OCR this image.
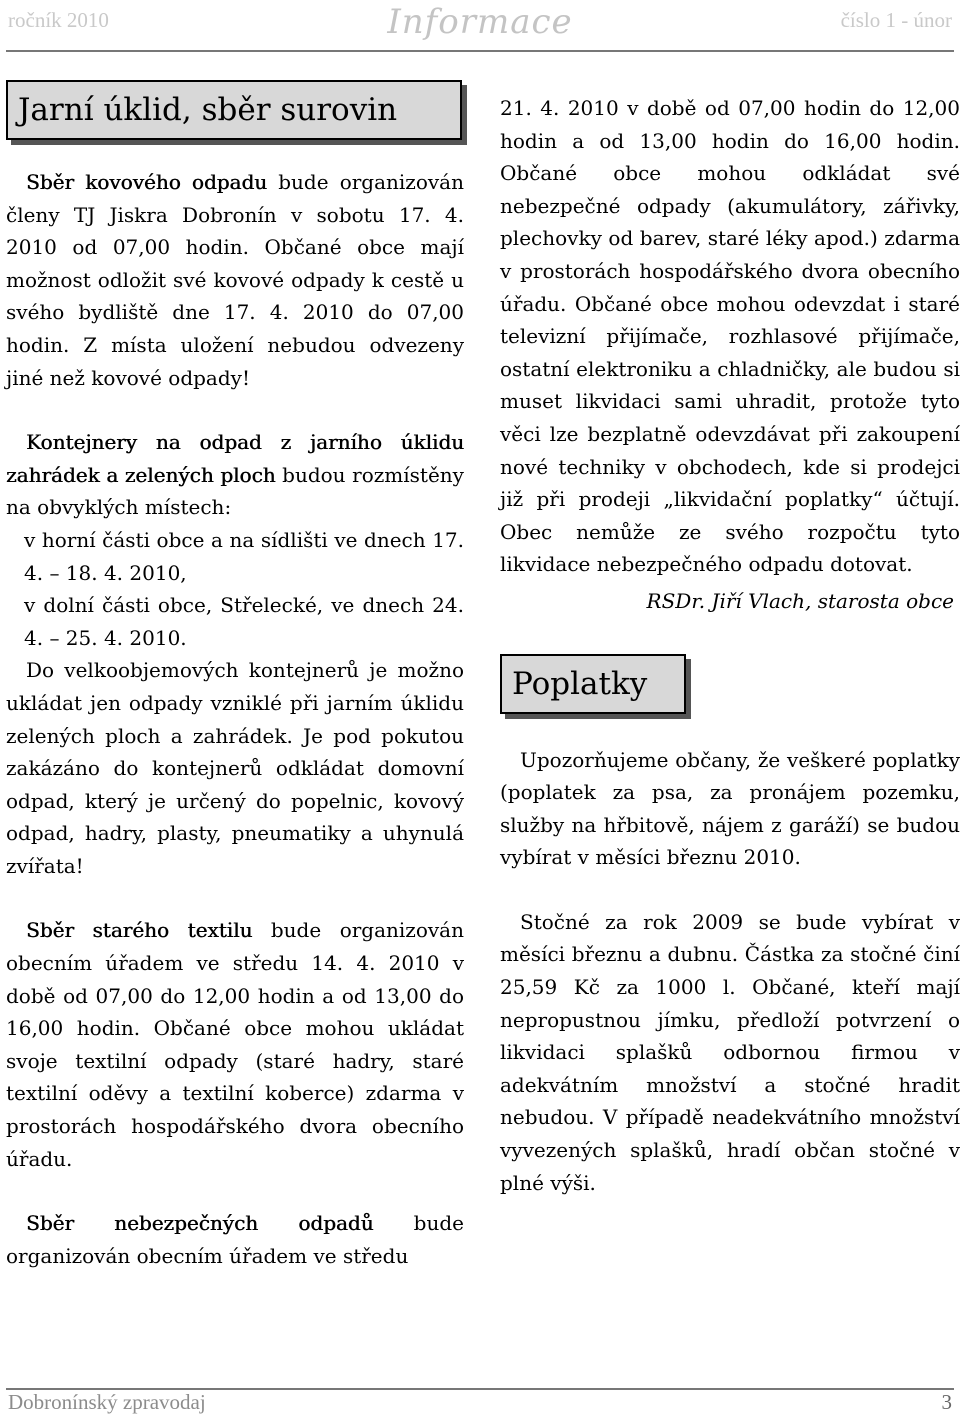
ročník 2010	Informace	číslo 1 - únor
Jarní úklid, sběr surovin

Sběr kovového odpadu bude organizován členy TJ Jiskra Dobronín v sobotu 17. 4. 2010 od 07,00 hodin. Občané obce mají možnost odložit své kovové odpady k cestě u svého bydliště dne 17. 4. 2010 do 07,00 hodin. Z místa uložení nebudou odvezeny jiné než kovové odpady!

Kontejnery na odpad z jarního úklidu zahrádek a zelených ploch budou rozmístěny na obvyklých místech:

v horní části obce a na sídlišti ve dnech 17. 4. – 18. 4. 2010,

v dolní části obce, Střelecké, ve dnech 24. 4. – 25. 4. 2010.

Do velkoobjemových kontejnerů je možno ukládat jen odpady vzniklé při jarním úklidu zelených ploch a zahrádek. Je pod pokutou zakázáno do kontejnerů odkládat domovní odpad, který je určený do popelnic, kovový odpad, hadry, plasty, pneumatiky a uhynulá zvířata!

Sběr starého textilu bude organizován obecním úřadem ve středu 14. 4. 2010 v době od 07,00 do 12,00 hodin a od 13,00 do 16,00 hodin. Občané obce mohou ukládat svoje textilní odpady (staré hadry, staré textilní oděvy a textilní koberce) zdarma v prostorách hospodářského dvora obecního úřadu.

Sběr nebezpečných odpadů bude organizován obecním úřadem ve středu

21. 4. 2010 v době od 07,00 hodin do 12,00 hodin a od 13,00 hodin do 16,00 hodin. Občané obce mohou odkládat své nebezpečné odpady (akumulátory, zářivky, plechovky od barev, staré léky apod.) zdarma v prostorách hospodářského dvora obecního úřadu. Občané obce mohou odevzdat i staré televizní přijímače, rozhlasové přijímače, ostatní elektroniku a chladničky, ale budou si muset likvidaci sami uhradit, protože tyto věci lze bezplatně odevzdávat při zakoupení nové techniky v obchodech, kde si prodejci již při prodeji „likvidační poplatky“ účtují. Obec nemůže ze svého rozpočtu tyto likvidace nebezpečného odpadu dotovat.

RSDr. Jiří Vlach, starosta obce

Poplatky

Upozorňujeme občany, že veškeré poplatky (poplatek za psa, za pronájem pozemku, služby na hřbitově, nájem z garáží) se budou vybírat v měsíci březnu 2010.

Stočné za rok 2009 se bude vybírat v měsíci březnu a dubnu. Částka za stočné činí 25,59 Kč za 1000 l. Občané, kteří mají nepropustnou jímku, předloží potvrzení o likvidaci splašků odbornou firmou v adekvátním množství a stočné hradit nebudou. V případě neadekvátního množství vyvezených splašků, hradí občan stočné v plné výši.

Dobronínský zpravodaj	3
